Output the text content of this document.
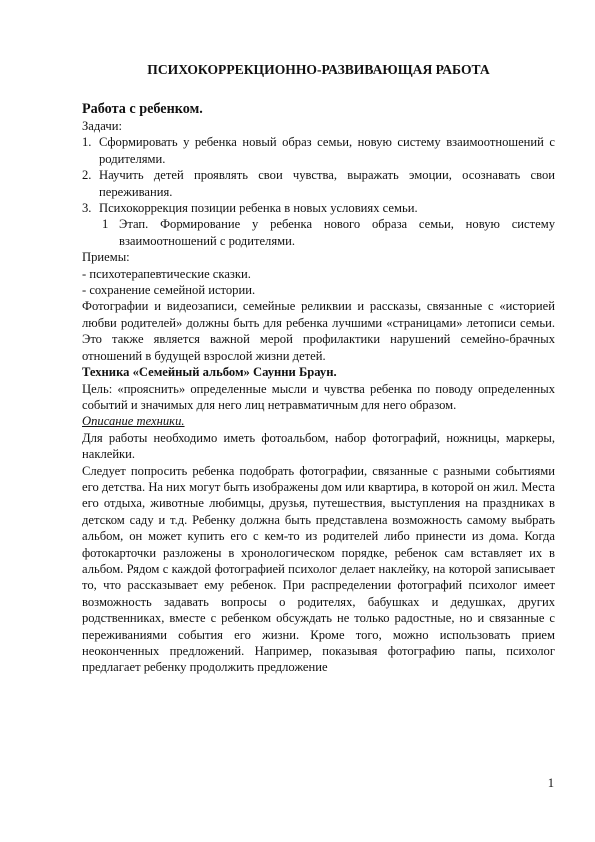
ПСИХОКОРРЕКЦИОННО-РАЗВИВАЮЩАЯ РАБОТА

Работа с ребенком.

Задачи:

1. Сформировать у ребенка новый образ семьи, новую систему взаимоотношений с родителями.
2. Научить детей проявлять свои чувства, выражать эмоции, осознавать свои переживания.
3. Психокоррекция позиции ребенка в новых условиях семьи.
1 Этап. Формирование у ребенка нового образа семьи, новую систему взаимоотношений с родителями.

Приемы:

- психотерапевтические сказки.

- сохранение семейной истории.

Фотографии и видеозаписи, семейные реликвии и рассказы, связанные с «историей любви родителей» должны быть для ребенка лучшими «страницами» летописи семьи. Это также является важной мерой профилактики нарушений семейно-брачных отношений в будущей взрослой жизни детей.

Техника «Семейный альбом» Саунни Браун.

Цель: «прояснить» определенные мысли и чувства ребенка по поводу определенных событий и значимых для него лиц нетравматичным для него образом.

Описание техники.

Для работы необходимо иметь фотоальбом, набор фотографий, ножницы, маркеры, наклейки.

Следует попросить ребенка подобрать фотографии, связанные с разными событиями его детства. На них могут быть изображены дом или квартира, в которой он жил. Места его отдыха, животные любимцы, друзья, путешествия, выступления на праздниках в детском саду и т.д. Ребенку должна быть представлена возможность самому выбрать альбом, он может купить его с кем-то из родителей либо принести из дома. Когда фотокарточки разложены в хронологическом порядке, ребенок сам вставляет их в альбом. Рядом с каждой фотографией психолог делает наклейку, на которой записывает то, что рассказывает ему ребенок. При распределении фотографий психолог имеет возможность задавать вопросы о родителях, бабушках и дедушках, других родственниках, вместе с ребенком обсуждать не только радостные, но и связанные с переживаниями события его жизни. Кроме того, можно использовать прием неоконченных предложений. Например, показывая фотографию папы, психолог предлагает ребенку продолжить предложение

1
